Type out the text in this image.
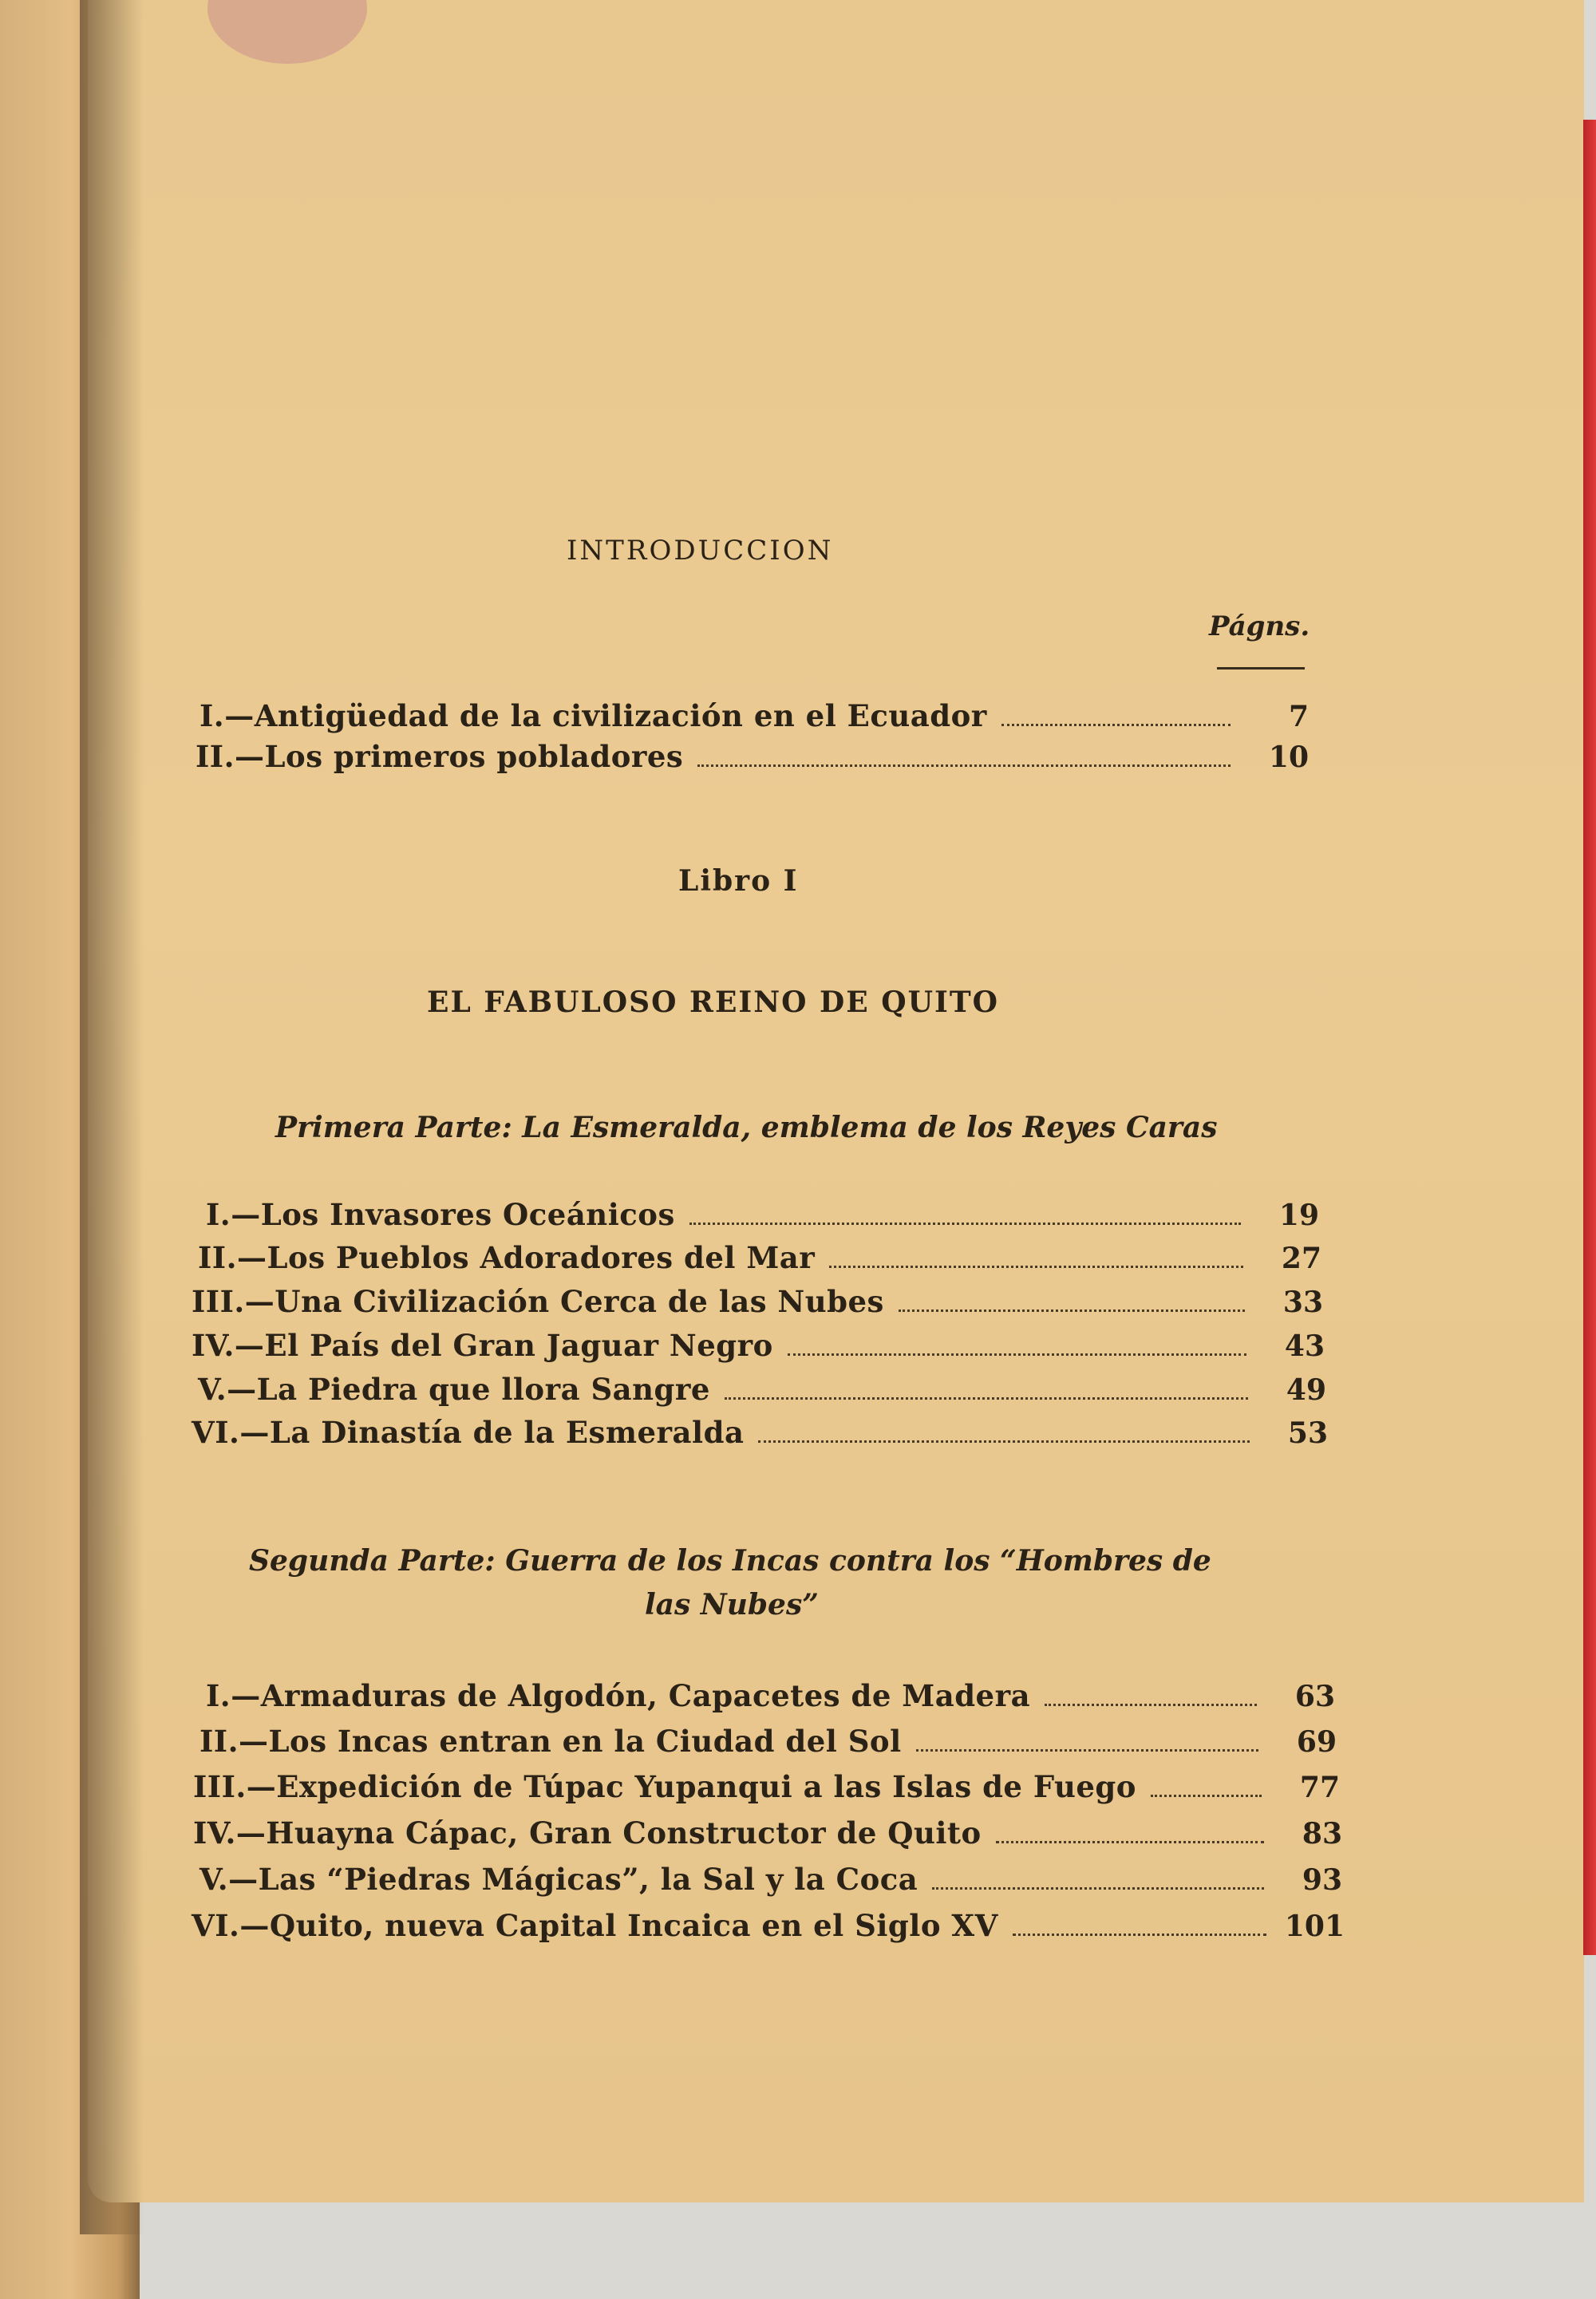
INTRODUCCION
Págns.
I.—Antigüedad de la civilización en el Ecuador	7
II.—Los primeros pobladores	10
Libro I
EL FABULOSO REINO DE QUITO
Primera Parte: La Esmeralda, emblema de los Reyes Caras
I.—Los Invasores Oceánicos	19
II.—Los Pueblos Adoradores del Mar	27
III.—Una Civilización Cerca de las Nubes	33
IV.—El País del Gran Jaguar Negro	43
V.—La Piedra que llora Sangre	49
VI.—La Dinastía de la Esmeralda	53
Segunda Parte: Guerra de los Incas contra los “Hombres de
las Nubes”
I.—Armaduras de Algodón, Capacetes de Madera	63
II.—Los Incas entran en la Ciudad del Sol	69
III.—Expedición de Túpac Yupanqui a las Islas de Fuego	77
IV.—Huayna Cápac, Gran Constructor de Quito	83
V.—Las “Piedras Mágicas”, la Sal y la Coca	93
VI.—Quito, nueva Capital Incaica en el Siglo XV	101
